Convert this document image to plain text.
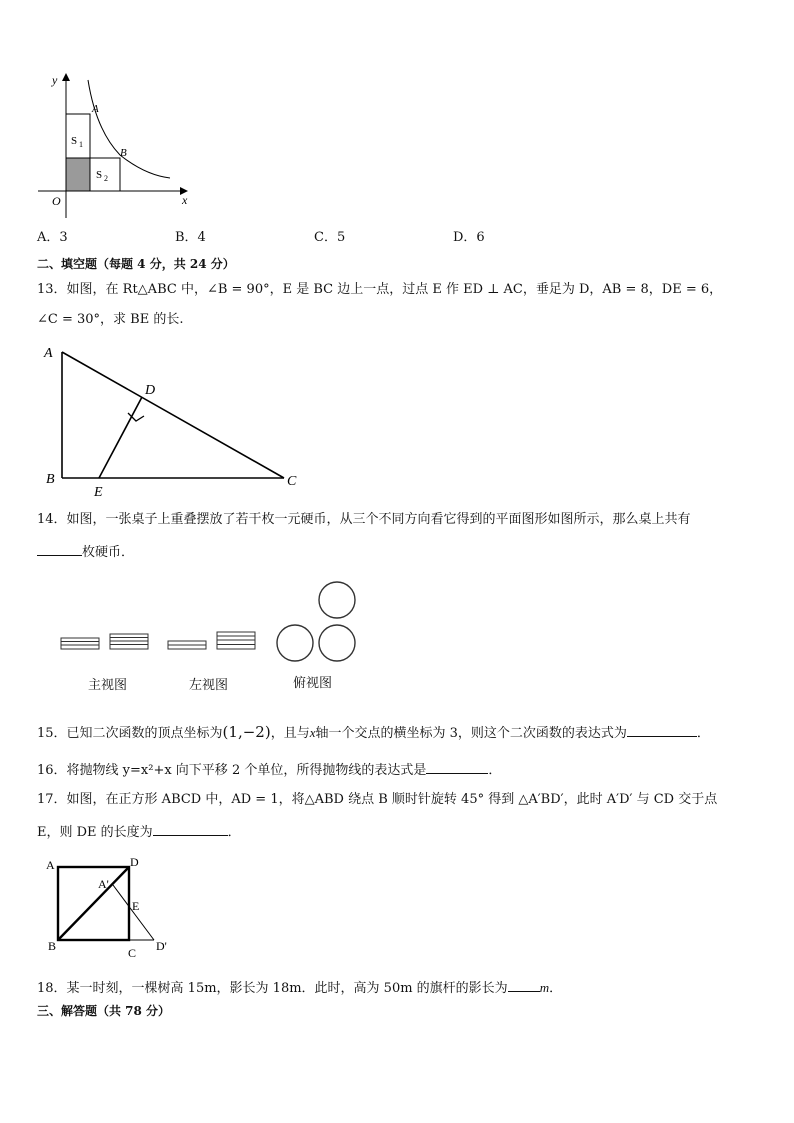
y
x
O
A
B
S 1
S 2
A．3	B．4	C．5	D．6
二、填空题（每题 4 分，共 24 分）
13．如图，在 Rt△ABC 中，∠B = 90°，E 是 BC 边上一点，过点 E 作 ED ⊥ AC，垂足为 D，AB = 8，DE = 6，
∠C = 30°，求 BE 的长.
A
B	C
D
E
14．如图，一张桌子上重叠摆放了若干枚一元硬币，从三个不同方向看它得到的平面图形如图所示，那么桌上共有
枚硬币．
主视图	左视图	俯视图
15．已知二次函数的顶点坐标为(1,−2)，且与x轴一个交点的横坐标为 3，则这个二次函数的表达式为	．
16．将抛物线 y=x²+x 向下平移 2 个单位，所得抛物线的表达式是	．
17．如图，在正方形 ABCD 中，AD = 1，将△ABD 绕点 B 顺时针旋转 45° 得到 △A′BD′，此时 A′D′ 与 CD 交于点
E，则 DE 的长度为	．
A	D
A'
E
B	C D'
18．某一时刻，一棵树高 15m，影长为 18m．此时，高为 50m 的旗杆的影长为 m．
三、解答题（共 78 分）
